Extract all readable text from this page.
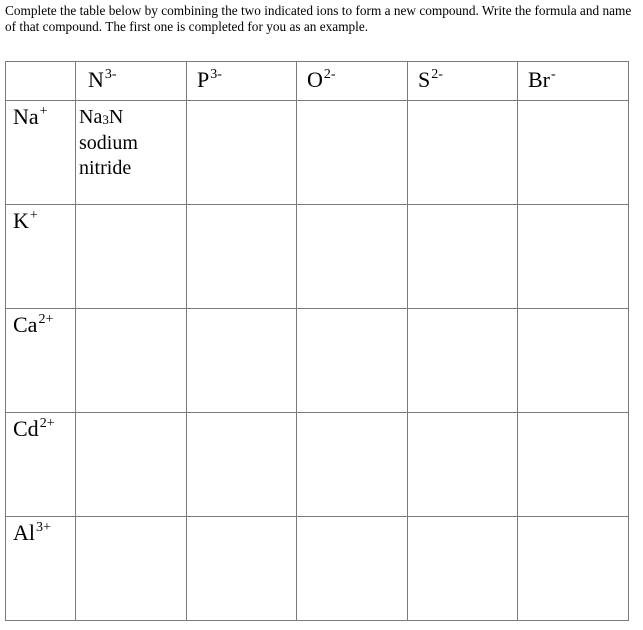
Complete the table below by combining the two indicated ions to form a new compound. Write the formula and name of that compound. The first one is completed for you as an example.

	$N^{3-}$	$P^{3-}$	$O^{2-}$	$S^{2-}$	Br-
Na+	$Na_3N$
sodium
nitride				

K+					
$Ca^{2+}$					
$Cd^{2+}$					
$Al^{3+}$					
